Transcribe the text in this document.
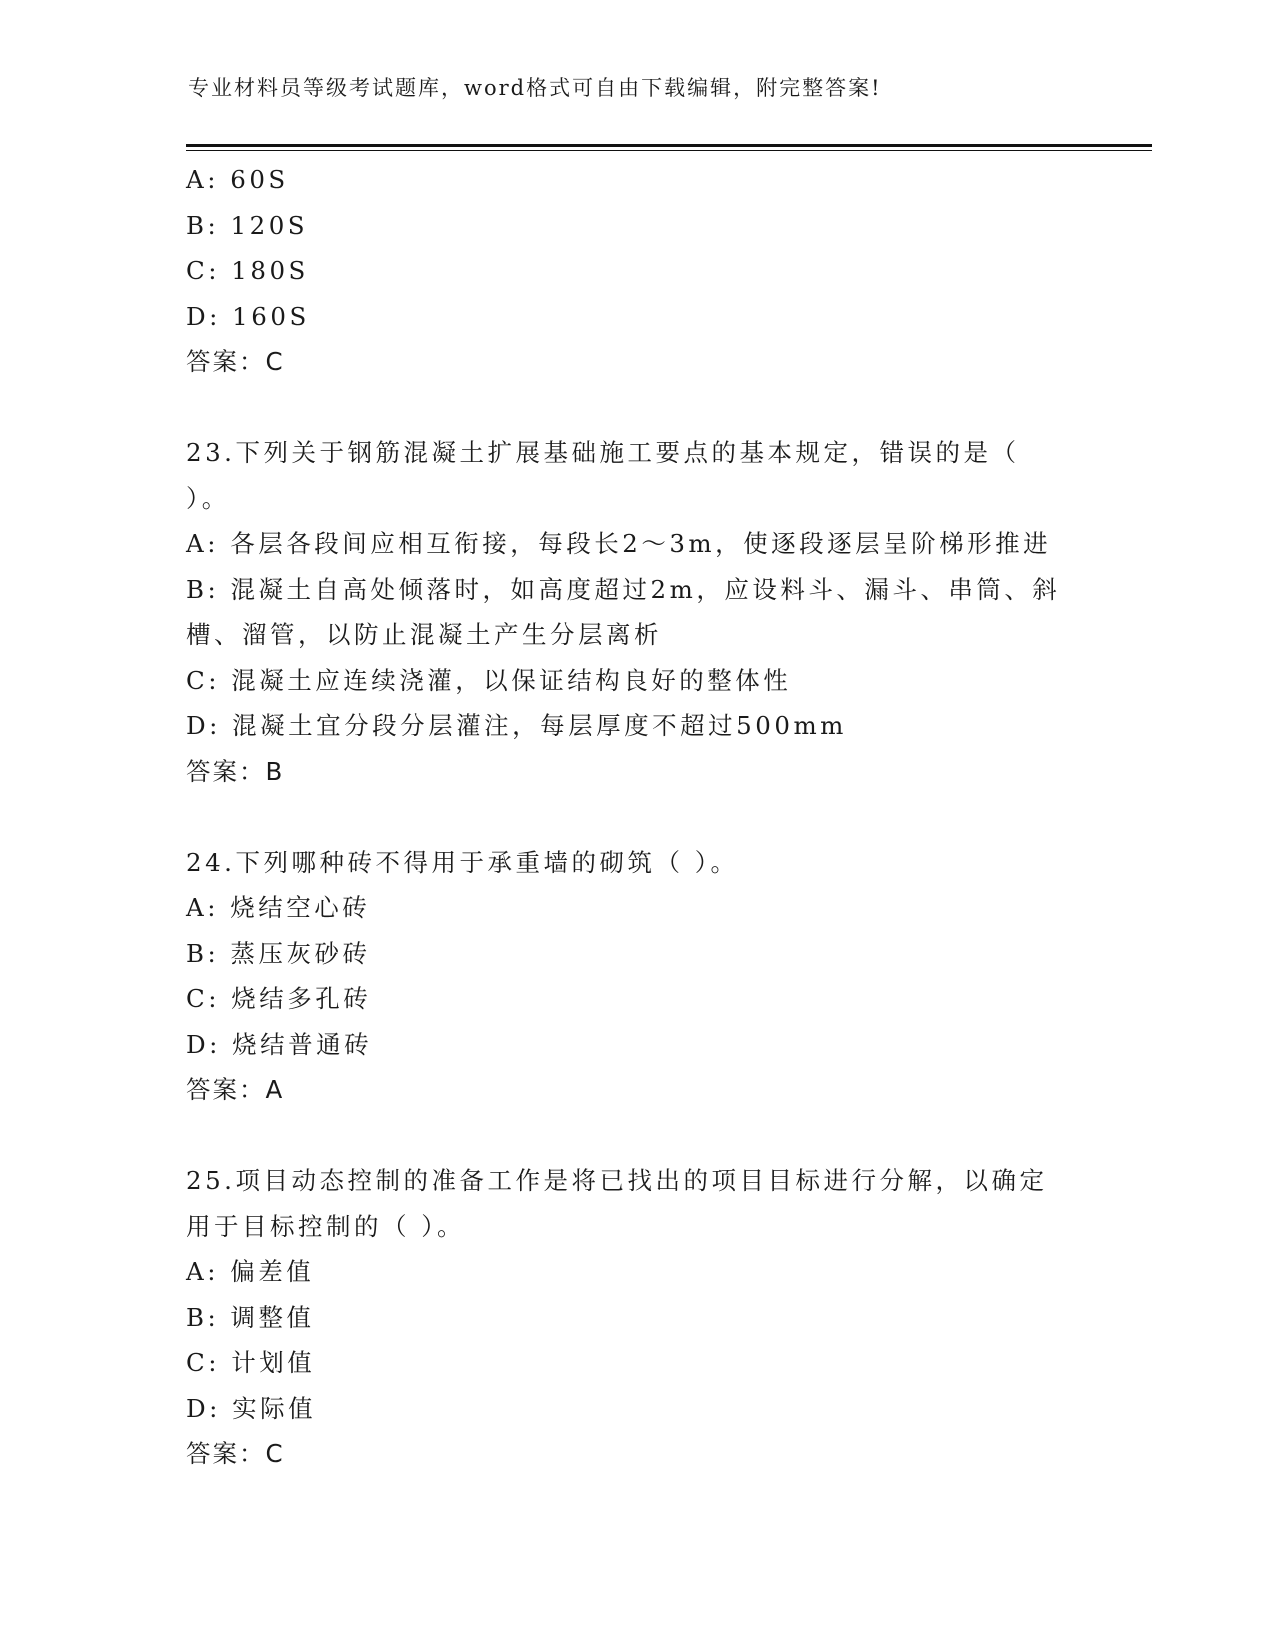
专业材料员等级考试题库，word格式可自由下载编辑，附完整答案!
A: 60S
B: 120S
C: 180S
D: 160S
答案：C
23.下列关于钢筋混凝土扩展基础施工要点的基本规定，错误的是（
）。
A: 各层各段间应相互衔接，每段长2～3m，使逐段逐层呈阶梯形推进
B: 混凝土自高处倾落时，如高度超过2m，应设料斗、漏斗、串筒、斜
槽、溜管，以防止混凝土产生分层离析
C: 混凝土应连续浇灌，以保证结构良好的整体性
D: 混凝土宜分段分层灌注，每层厚度不超过500mm
答案：B
24.下列哪种砖不得用于承重墙的砌筑（ ）。
A: 烧结空心砖
B: 蒸压灰砂砖
C: 烧结多孔砖
D: 烧结普通砖
答案：A
25.项目动态控制的准备工作是将已找出的项目目标进行分解，以确定
用于目标控制的（ ）。
A: 偏差值
B: 调整值
C: 计划值
D: 实际值
答案：C
